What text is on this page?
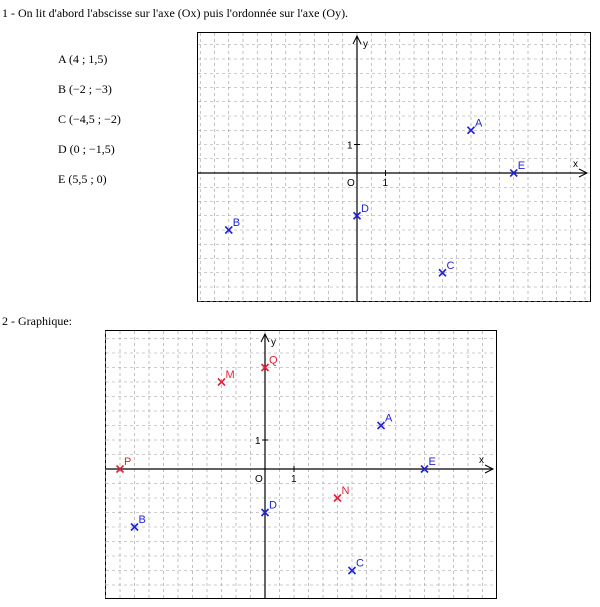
1 - On lit d'abord l'abscisse sur l'axe (Ox) puis l'ordonnée sur l'axe (Oy).
A (4 ; 1,5)
B (−2 ; −3)
C (−4,5 ; −2)
D (0 ; −1,5)
E (5,5 ; 0)
x
y
O	1
1
A
B
C
D
E
2 - Graphique:
x
y
O	1
1
A
B
C
D
E
M
N
P
Q
